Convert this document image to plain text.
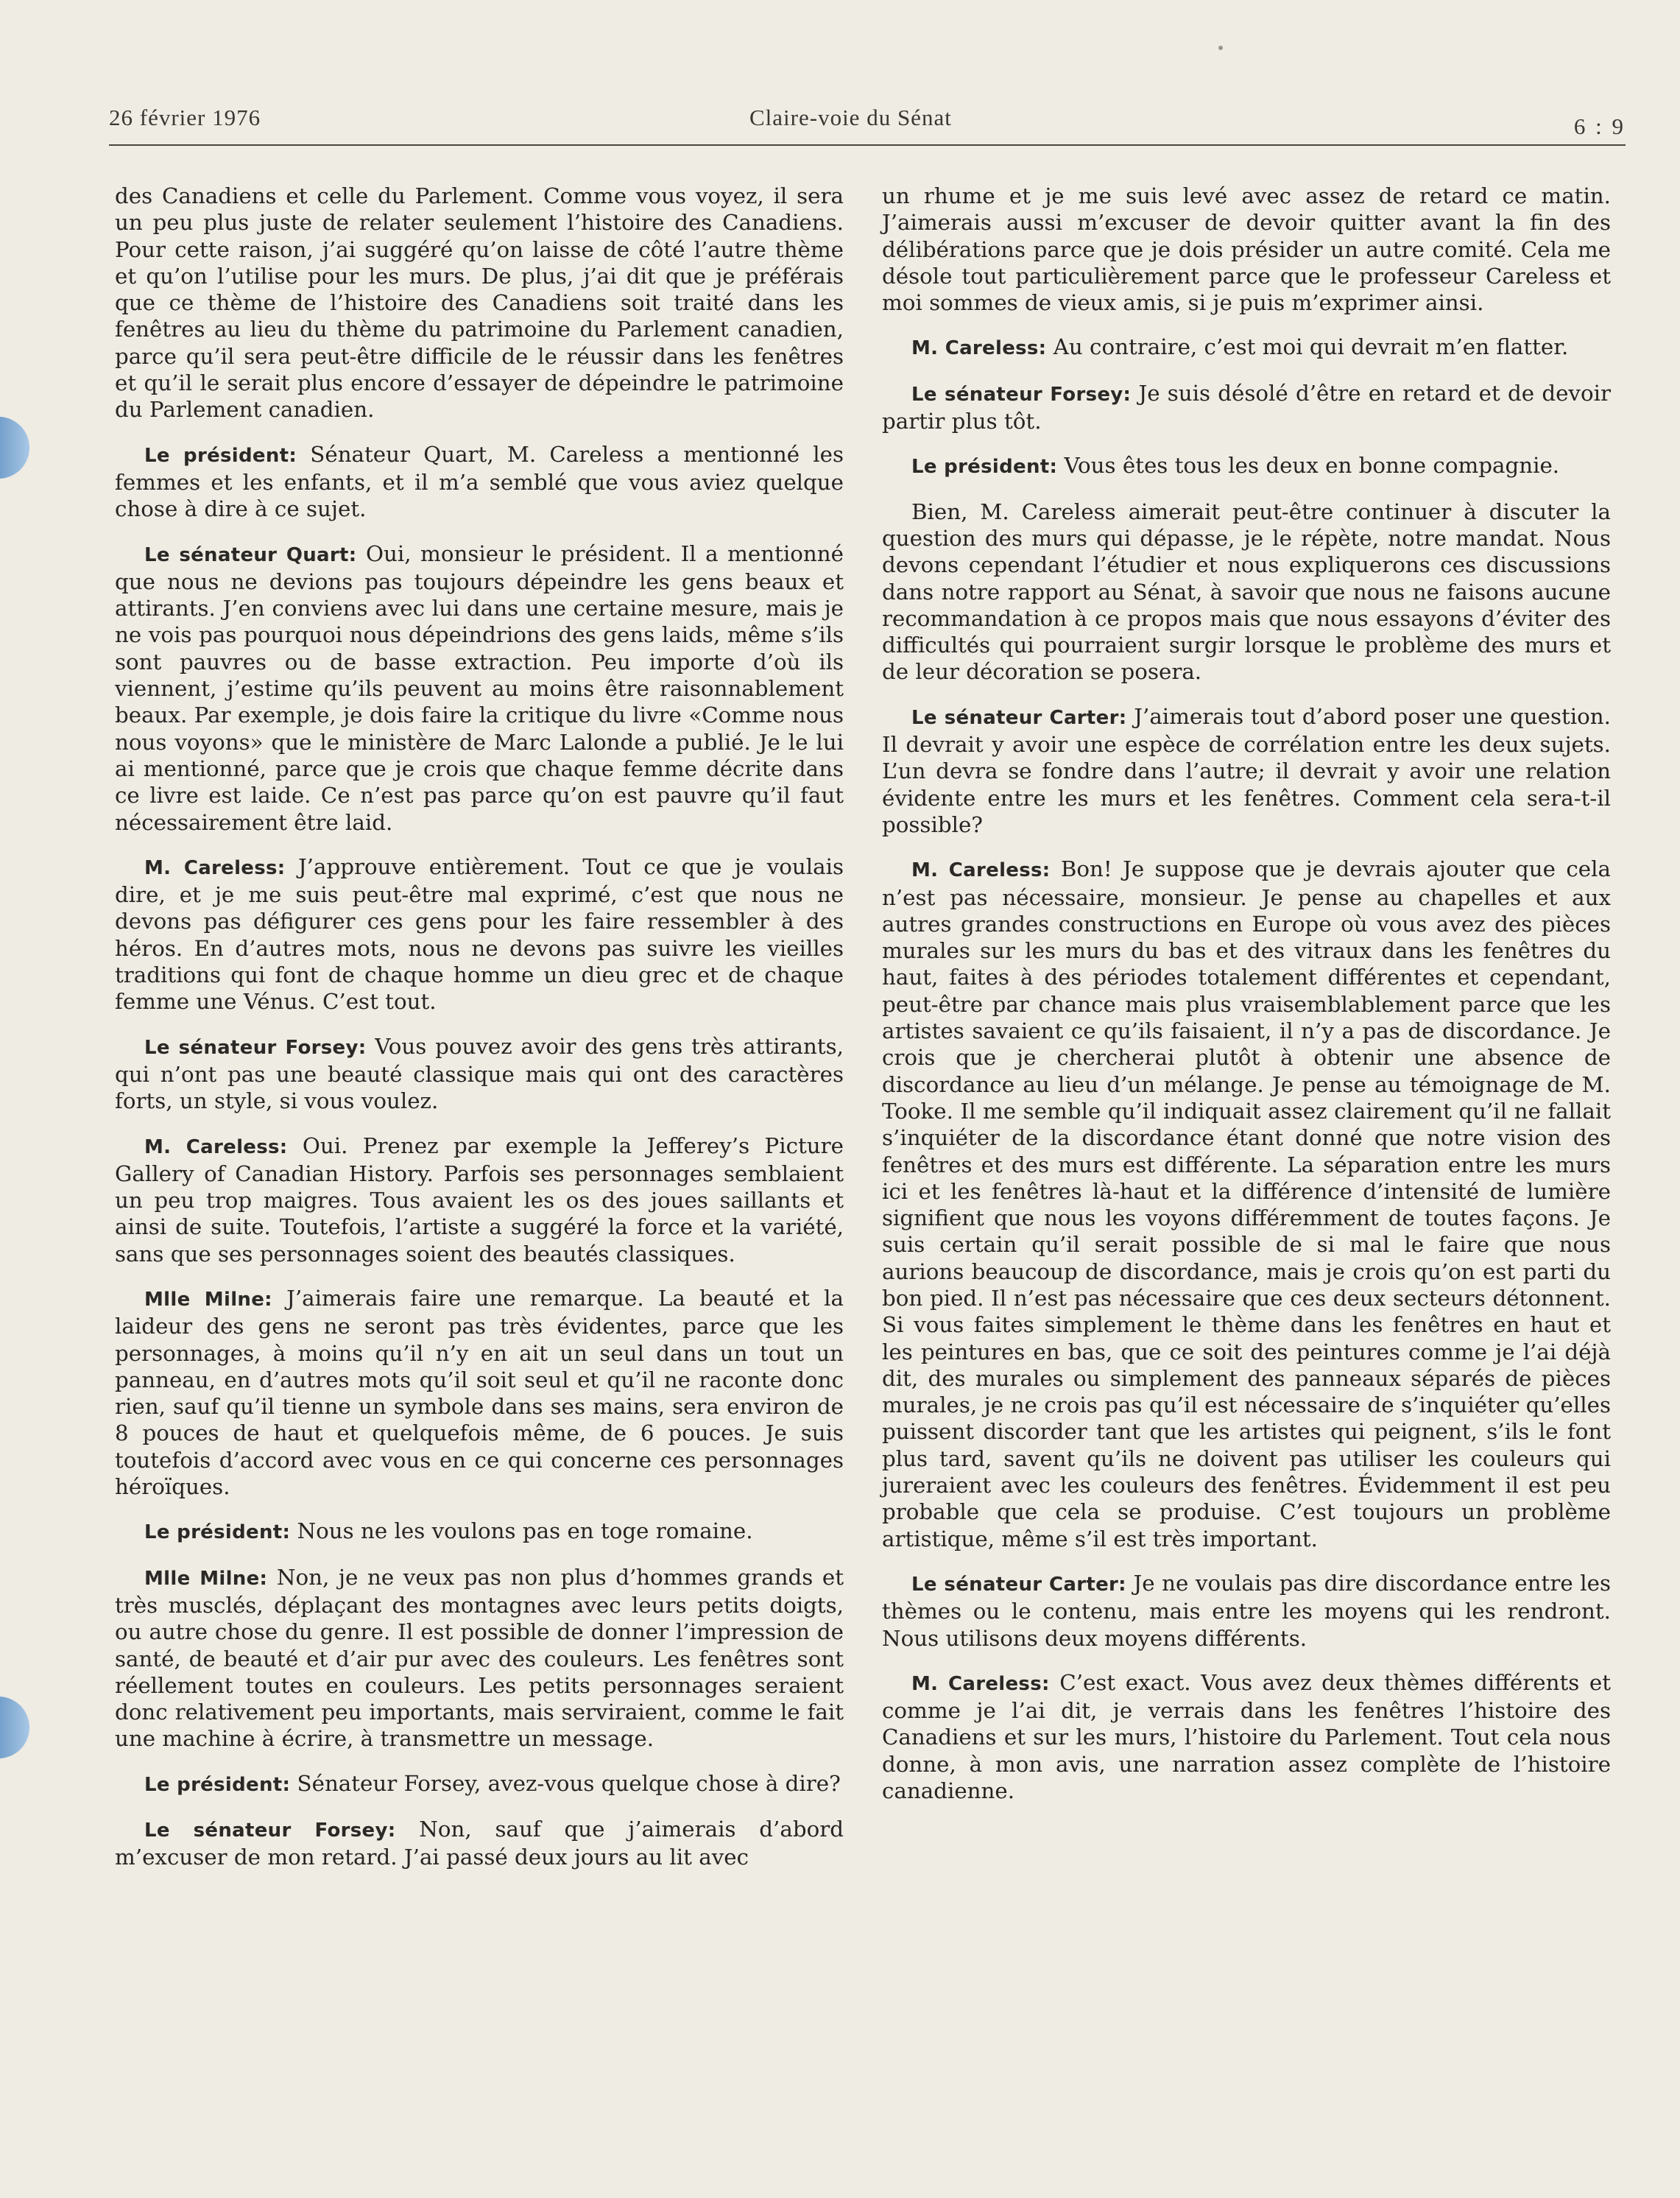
26 février 1976	Claire-voie du Sénat	6 : 9

des Canadiens et celle du Parlement. Comme vous voyez, il sera un peu plus juste de relater seulement l’histoire des Canadiens. Pour cette raison, j’ai suggéré qu’on laisse de côté l’autre thème et qu’on l’utilise pour les murs. De plus, j’ai dit que je préférais que ce thème de l’histoire des Canadiens soit traité dans les fenêtres au lieu du thème du patrimoine du Parlement canadien, parce qu’il sera peut-être difficile de le réussir dans les fenêtres et qu’il le serait plus encore d’essayer de dépeindre le patrimoine du Parlement canadien.

Le président: Sénateur Quart, M. Careless a mentionné les femmes et les enfants, et il m’a semblé que vous aviez quelque chose à dire à ce sujet.

Le sénateur Quart: Oui, monsieur le président. Il a mentionné que nous ne devions pas toujours dépeindre les gens beaux et attirants. J’en conviens avec lui dans une certaine mesure, mais je ne vois pas pourquoi nous dépeindrions des gens laids, même s’ils sont pauvres ou de basse extraction. Peu importe d’où ils viennent, j’estime qu’ils peuvent au moins être raisonnablement beaux. Par exemple, je dois faire la critique du livre «Comme nous nous voyons» que le ministère de Marc Lalonde a publié. Je le lui ai mentionné, parce que je crois que chaque femme décrite dans ce livre est laide. Ce n’est pas parce qu’on est pauvre qu’il faut nécessairement être laid.

M. Careless: J’approuve entièrement. Tout ce que je voulais dire, et je me suis peut-être mal exprimé, c’est que nous ne devons pas défigurer ces gens pour les faire ressembler à des héros. En d’autres mots, nous ne devons pas suivre les vieilles traditions qui font de chaque homme un dieu grec et de chaque femme une Vénus. C’est tout.

Le sénateur Forsey: Vous pouvez avoir des gens très attirants, qui n’ont pas une beauté classique mais qui ont des caractères forts, un style, si vous voulez.

M. Careless: Oui. Prenez par exemple la Jefferey’s Picture Gallery of Canadian History. Parfois ses personnages semblaient un peu trop maigres. Tous avaient les os des joues saillants et ainsi de suite. Toutefois, l’artiste a suggéré la force et la variété, sans que ses personnages soient des beautés classiques.

Mlle Milne: J’aimerais faire une remarque. La beauté et la laideur des gens ne seront pas très évidentes, parce que les personnages, à moins qu’il n’y en ait un seul dans un tout un panneau, en d’autres mots qu’il soit seul et qu’il ne raconte donc rien, sauf qu’il tienne un symbole dans ses mains, sera environ de 8 pouces de haut et quelquefois même, de 6 pouces. Je suis toutefois d’accord avec vous en ce qui concerne ces personnages héroïques.

Le président: Nous ne les voulons pas en toge romaine.

Mlle Milne: Non, je ne veux pas non plus d’hommes grands et très musclés, déplaçant des montagnes avec leurs petits doigts, ou autre chose du genre. Il est possible de donner l’impression de santé, de beauté et d’air pur avec des couleurs. Les fenêtres sont réellement toutes en couleurs. Les petits personnages seraient donc relativement peu importants, mais serviraient, comme le fait une machine à écrire, à transmettre un message.

Le président: Sénateur Forsey, avez-vous quelque chose à dire?

Le sénateur Forsey: Non, sauf que j’aimerais d’abord m’excuser de mon retard. J’ai passé deux jours au lit avec

un rhume et je me suis levé avec assez de retard ce matin. J’aimerais aussi m’excuser de devoir quitter avant la fin des délibérations parce que je dois présider un autre comité. Cela me désole tout particulièrement parce que le professeur Careless et moi sommes de vieux amis, si je puis m’exprimer ainsi.

M. Careless: Au contraire, c’est moi qui devrait m’en flatter.

Le sénateur Forsey: Je suis désolé d’être en retard et de devoir partir plus tôt.

Le président: Vous êtes tous les deux en bonne compagnie.

Bien, M. Careless aimerait peut-être continuer à discuter la question des murs qui dépasse, je le répète, notre mandat. Nous devons cependant l’étudier et nous expliquerons ces discussions dans notre rapport au Sénat, à savoir que nous ne faisons aucune recommandation à ce propos mais que nous essayons d’éviter des difficultés qui pourraient surgir lorsque le problème des murs et de leur décoration se posera.

Le sénateur Carter: J’aimerais tout d’abord poser une question. Il devrait y avoir une espèce de corrélation entre les deux sujets. L’un devra se fondre dans l’autre; il devrait y avoir une relation évidente entre les murs et les fenêtres. Comment cela sera-t-il possible?

M. Careless: Bon! Je suppose que je devrais ajouter que cela n’est pas nécessaire, monsieur. Je pense au chapelles et aux autres grandes constructions en Europe où vous avez des pièces murales sur les murs du bas et des vitraux dans les fenêtres du haut, faites à des périodes totalement différentes et cependant, peut-être par chance mais plus vraisemblablement parce que les artistes savaient ce qu’ils faisaient, il n’y a pas de discordance. Je crois que je chercherai plutôt à obtenir une absence de discordance au lieu d’un mélange. Je pense au témoignage de M. Tooke. Il me semble qu’il indiquait assez clairement qu’il ne fallait s’inquiéter de la discordance étant donné que notre vision des fenêtres et des murs est différente. La séparation entre les murs ici et les fenêtres là-haut et la différence d’intensité de lumière signifient que nous les voyons différemment de toutes façons. Je suis certain qu’il serait possible de si mal le faire que nous aurions beaucoup de discordance, mais je crois qu’on est parti du bon pied. Il n’est pas nécessaire que ces deux secteurs détonnent. Si vous faites simplement le thème dans les fenêtres en haut et les peintures en bas, que ce soit des peintures comme je l’ai déjà dit, des murales ou simplement des panneaux séparés de pièces murales, je ne crois pas qu’il est nécessaire de s’inquiéter qu’elles puissent discorder tant que les artistes qui peignent, s’ils le font plus tard, savent qu’ils ne doivent pas utiliser les couleurs qui jureraient avec les couleurs des fenêtres. Évidemment il est peu probable que cela se produise. C’est toujours un problème artistique, même s’il est très important.

Le sénateur Carter: Je ne voulais pas dire discordance entre les thèmes ou le contenu, mais entre les moyens qui les rendront. Nous utilisons deux moyens différents.

M. Careless: C’est exact. Vous avez deux thèmes différents et comme je l’ai dit, je verrais dans les fenêtres l’histoire des Canadiens et sur les murs, l’histoire du Parlement. Tout cela nous donne, à mon avis, une narration assez complète de l’histoire canadienne.
